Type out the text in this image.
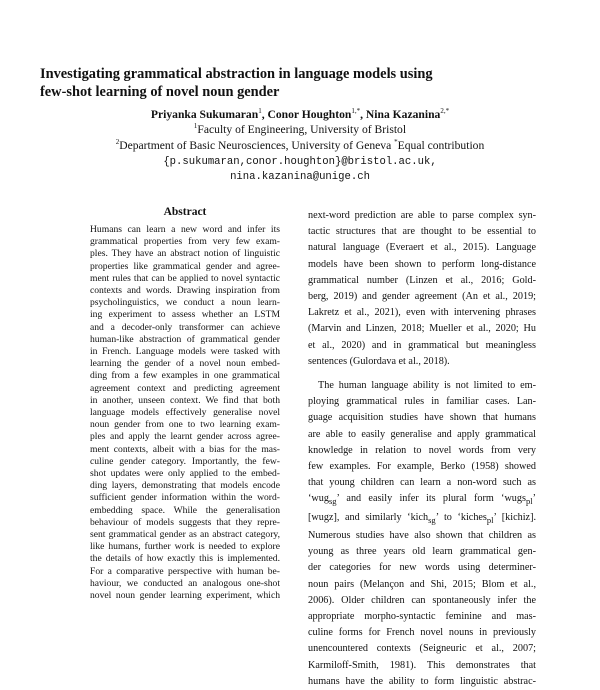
Investigating grammatical abstraction in language models using
few-shot learning of novel noun gender
Priyanka Sukumaran$^1$, Conor Houghton$^{1,*}$, Nina Kazanina$^{2,*}$
$^1$Faculty of Engineering, University of Bristol
$^2$Department of Basic Neurosciences, University of Geneva *Equal contribution
{p.sukumaran,conor.houghton}@bristol.ac.uk,
nina.kazanina@unige.ch
Abstract
Humans can learn a new word and infer its
grammatical properties from very few exam-
ples. They have an abstract notion of linguistic
properties like grammatical gender and agree-
ment rules that can be applied to novel syntactic
contexts and words. Drawing inspiration from
psycholinguistics, we conduct a noun learn-
ing experiment to assess whether an LSTM
and a decoder-only transformer can achieve
human-like abstraction of grammatical gender
in French. Language models were tasked with
learning the gender of a novel noun embed-
ding from a few examples in one grammatical
agreement context and predicting agreement
in another, unseen context. We find that both
language models effectively generalise novel
noun gender from one to two learning exam-
ples and apply the learnt gender across agree-
ment contexts, albeit with a bias for the mas-
culine gender category. Importantly, the few-
shot updates were only applied to the embed-
ding layers, demonstrating that models encode
sufficient gender information within the word-
embedding space. While the generalisation
behaviour of models suggests that they repre-
sent grammatical gender as an abstract category,
like humans, further work is needed to explore
the details of how exactly this is implemented.
For a comparative perspective with human be-
haviour, we conducted an analogous one-shot
novel noun gender learning experiment, which
next-word prediction are able to parse complex syn-
tactic structures that are thought to be essential to
natural language (Everaert et al., 2015). Language
models have been shown to perform long-distance
grammatical number (Linzen et al., 2016; Gold-
berg, 2019) and gender agreement (An et al., 2019;
Lakretz et al., 2021), even with intervening phrases
(Marvin and Linzen, 2018; Mueller et al., 2020; Hu
et al., 2020) and in grammatical but meaningless
sentences (Gulordava et al., 2018).
The human language ability is not limited to em-
ploying grammatical rules in familiar cases. Lan-
guage acquisition studies have shown that humans
are able to easily generalise and apply grammatical
knowledge in relation to novel words from very
few examples. For example, Berko (1958) showed
that young children can learn a non-word such as
‘wug$_{sg}$’ and easily infer its plural form ‘wugs$_{pl}$’
[wugz], and similarly ‘kich$_{sg}$’ to ‘kiches$_{pl}$’ [kichiz].
Numerous studies have also shown that children as
young as three years old learn grammatical gen-
der categories for new words using determiner-
noun pairs (Melançon and Shi, 2015; Blom et al.,
2006). Older children can spontaneously infer the
appropriate morpho-syntactic feminine and mas-
culine forms for French novel nouns in previously
unencountered contexts (Seigneuric et al., 2007;
Karmiloff-Smith, 1981). This demonstrates that
humans have the ability to form linguistic abstrac-
